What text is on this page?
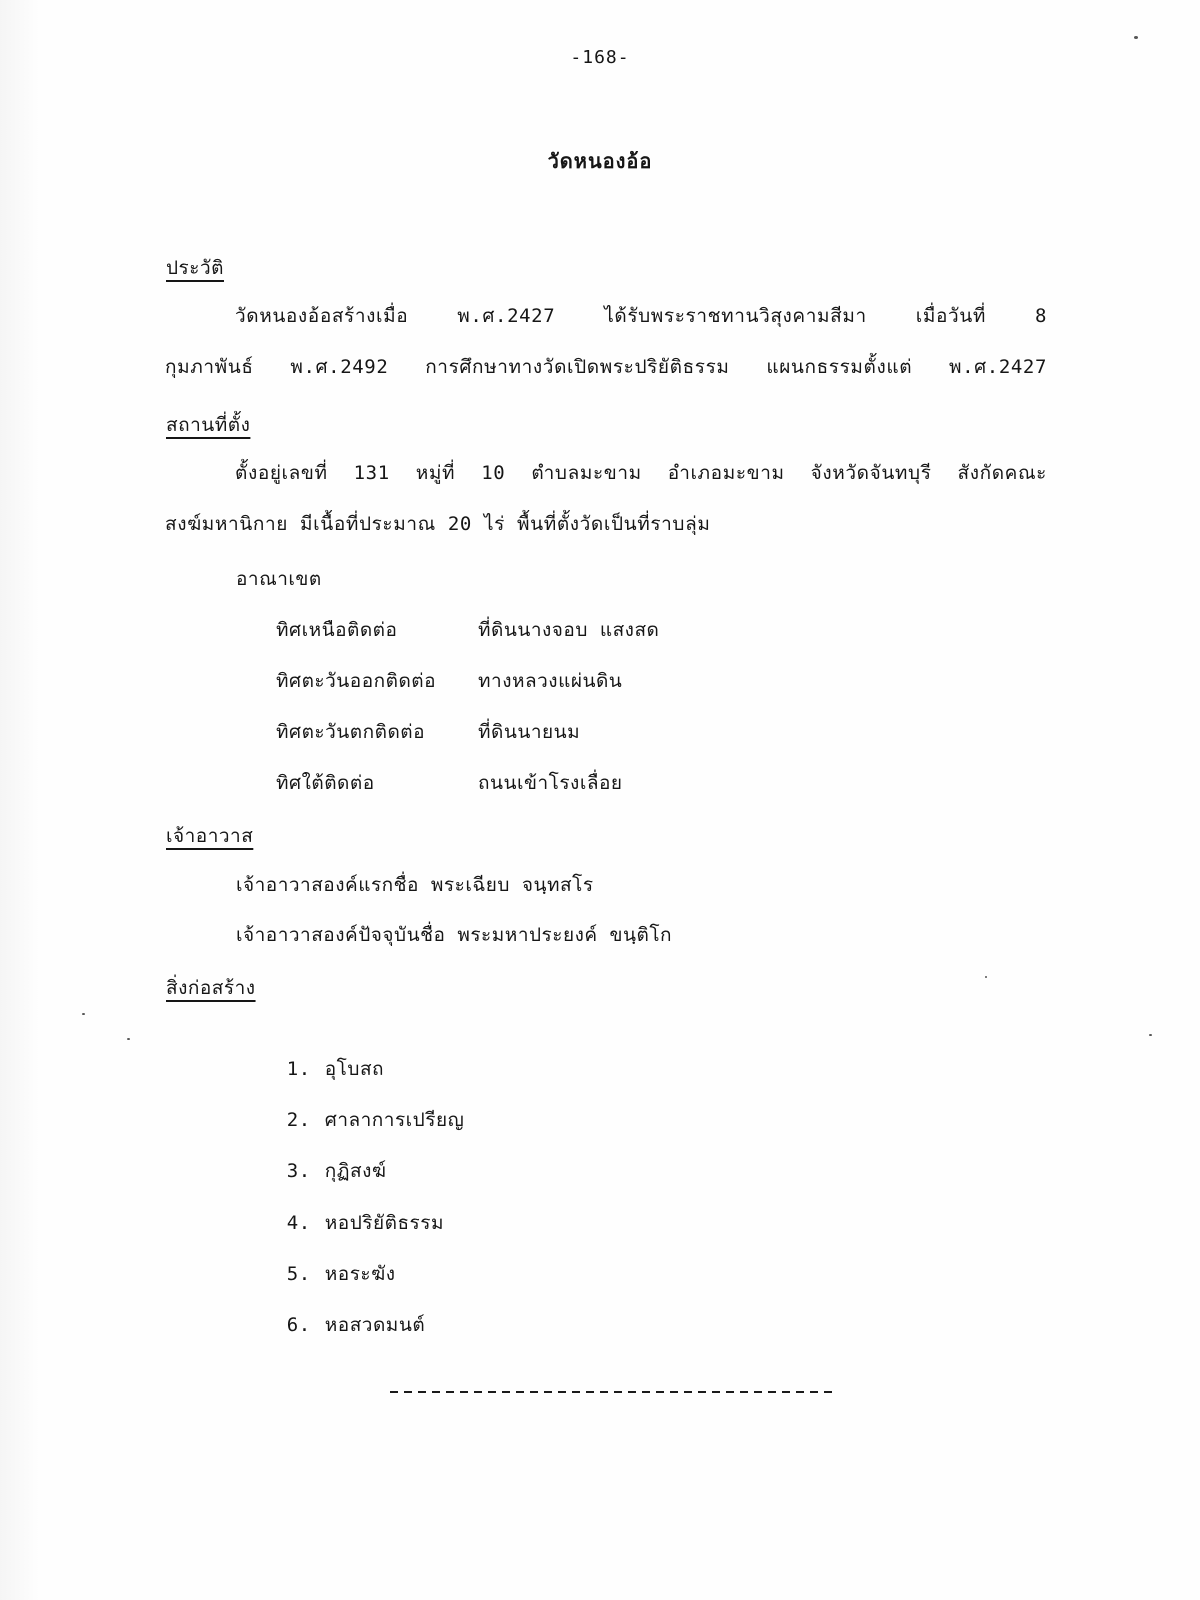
-168-
วัดหนองอ้อ
ประวัติ
วัดหนองอ้อสร้างเมื่อ พ.ศ.2427 ได้รับพระราชทานวิสุงคามสีมา เมื่อวันที่ 8
กุมภาพันธ์ พ.ศ.2492 การศึกษาทางวัดเปิดพระปริยัติธรรม แผนกธรรมตั้งแต่ พ.ศ.2427
สถานที่ตั้ง
ตั้งอยู่เลขที่ 131 หมู่ที่ 10 ตำบลมะขาม อำเภอมะขาม จังหวัดจันทบุรี สังกัดคณะ
สงฆ์มหานิกาย มีเนื้อที่ประมาณ 20 ไร่ พื้นที่ตั้งวัดเป็นที่ราบลุ่ม
อาณาเขต
ทิศเหนือติดต่อ	ที่ดินนางจอบ แสงสด
ทิศตะวันออกติดต่อ ทางหลวงแผ่นดิน
ทิศตะวันตกติดต่อ	ที่ดินนายนม
ทิศใต้ติดต่อ	ถนนเข้าโรงเลื่อย
เจ้าอาวาส
เจ้าอาวาสองค์แรกชื่อ พระเฉียบ จนฺทสโร
เจ้าอาวาสองค์ปัจจุบันชื่อ พระมหาประยงค์ ขนฺติโก
สิ่งก่อสร้าง

1. อุโบสถ

2. ศาลาการเปรียญ

3. กุฏิสงฆ์

4. หอปริยัติธรรม

5. หอระฆัง

6. หอสวดมนต์
